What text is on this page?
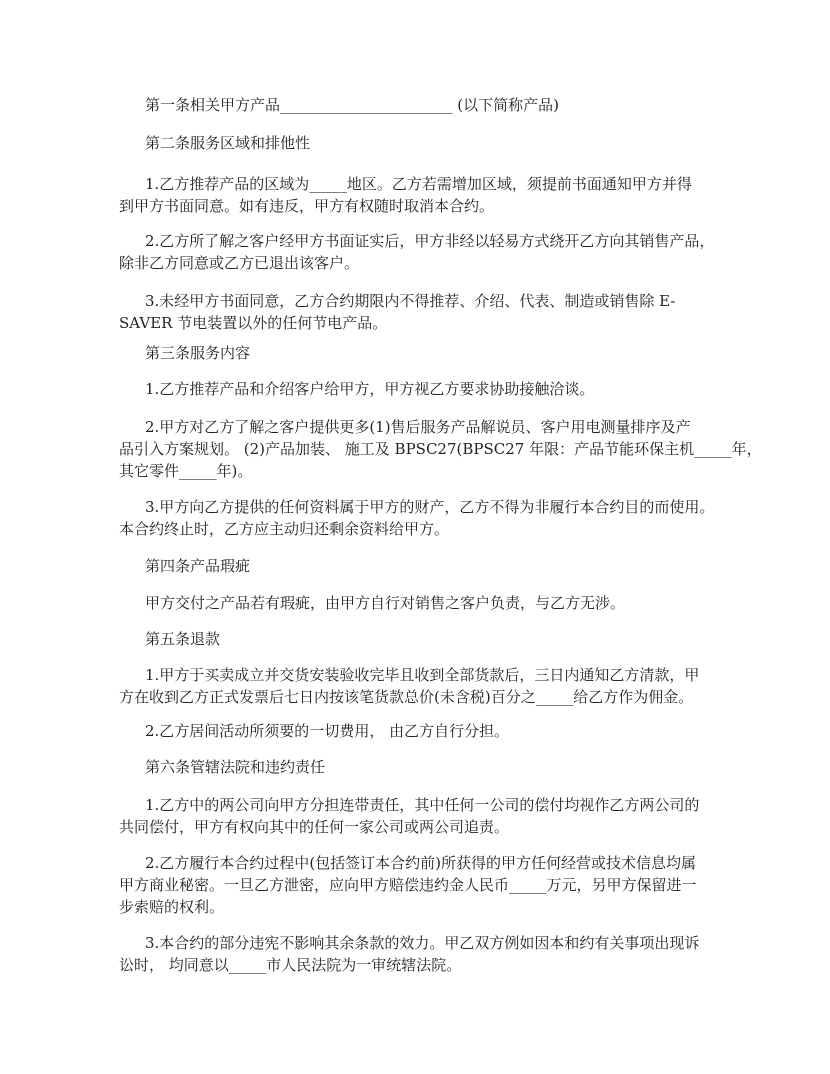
第一条相关甲方产品_______________________ (以下简称产品)
第二条服务区域和排他性
1.乙方推荐产品的区域为_____地区。乙方若需增加区域，须提前书面通知甲方并得
到甲方书面同意。如有违反，甲方有权随时取消本合约。
2.乙方所了解之客户经甲方书面证实后，甲方非经以轻易方式绕开乙方向其销售产品，
除非乙方同意或乙方已退出该客户。
3.未经甲方书面同意，乙方合约期限内不得推荐、介绍、代表、制造或销售除 E-
SAVER 节电装置以外的任何节电产品。
第三条服务内容
1.乙方推荐产品和介绍客户给甲方，甲方视乙方要求协助接触洽谈。
2.甲方对乙方了解之客户提供更多(1)售后服务产品解说员、客户用电测量排序及产
品引入方案规划。 (2)产品加装、 施工及 BPSC27(BPSC27 年限：产品节能环保主机_____年，
其它零件_____年)。
3.甲方向乙方提供的任何资料属于甲方的财产，乙方不得为非履行本合约目的而使用。
本合约终止时，乙方应主动归还剩余资料给甲方。
第四条产品瑕疵
甲方交付之产品若有瑕疵，由甲方自行对销售之客户负责，与乙方无涉。
第五条退款
1.甲方于买卖成立并交货安装验收完毕且收到全部货款后，三日内通知乙方清款，甲
方在收到乙方正式发票后七日内按该笔货款总价(未含税)百分之_____给乙方作为佣金。
2.乙方居间活动所须要的一切费用， 由乙方自行分担。
第六条管辖法院和违约责任
1.乙方中的两公司向甲方分担连带责任，其中任何一公司的偿付均视作乙方两公司的
共同偿付，甲方有权向其中的任何一家公司或两公司追责。
2.乙方履行本合约过程中(包括签订本合约前)所获得的甲方任何经营或技术信息均属
甲方商业秘密。一旦乙方泄密，应向甲方赔偿违约金人民币_____万元，另甲方保留进一
步索赔的权利。
3.本合约的部分违宪不影响其余条款的效力。甲乙双方例如因本和约有关事项出现诉
讼时， 均同意以_____市人民法院为一审统辖法院。
